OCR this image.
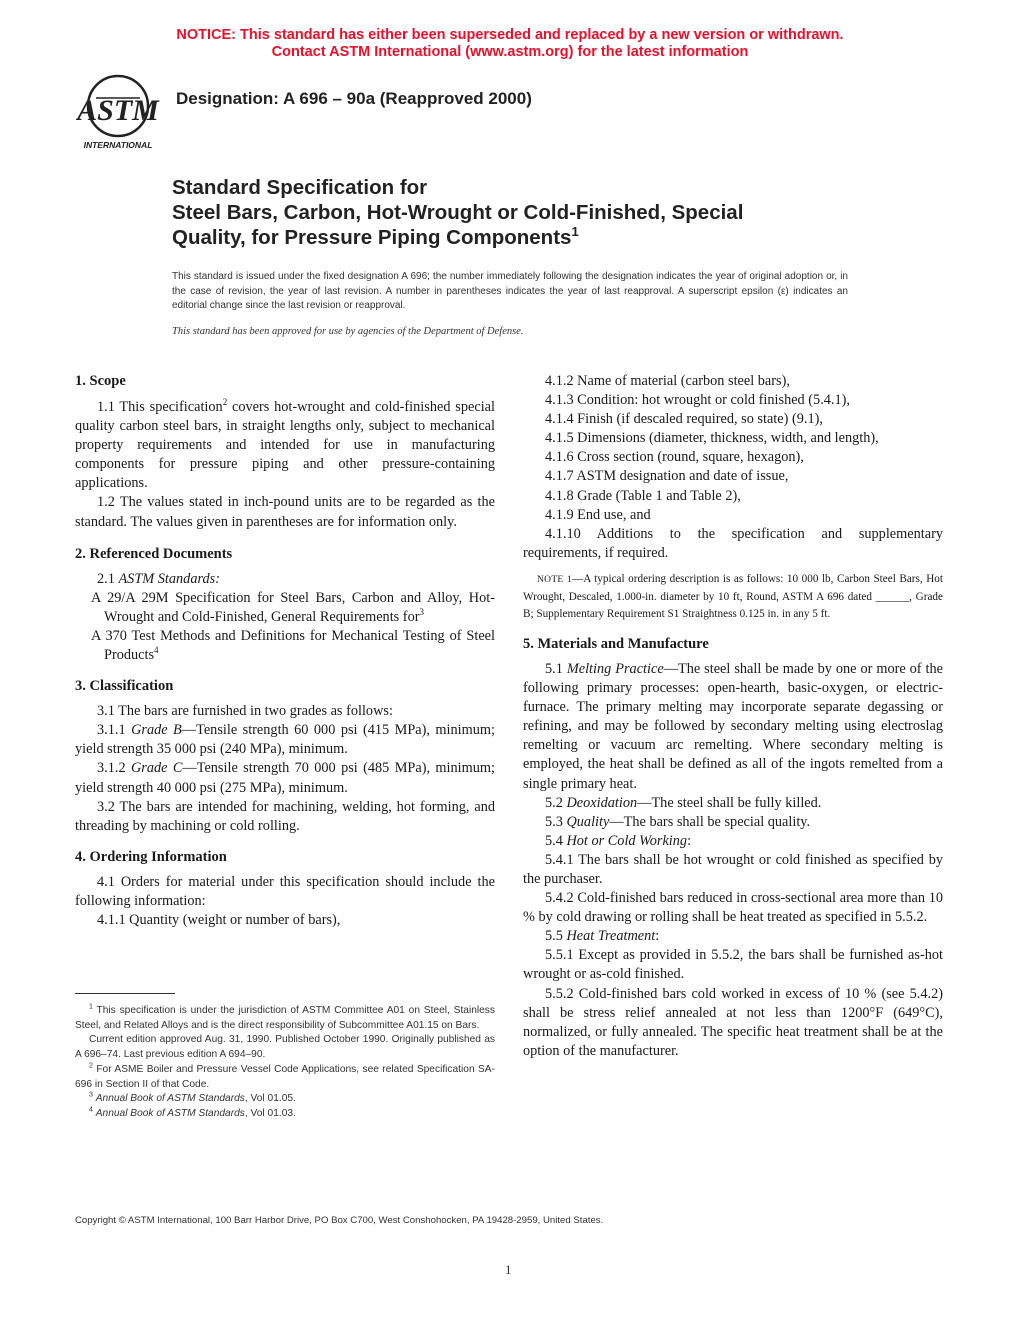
NOTICE: This standard has either been superseded and replaced by a new version or withdrawn.
Contact ASTM International (www.astm.org) for the latest information
ASTM
INTERNATIONAL
Designation: A 696 – 90a (Reapproved 2000)
Standard Specification for
Steel Bars, Carbon, Hot-Wrought or Cold-Finished, Special
Quality, for Pressure Piping Components$^1$
This standard is issued under the fixed designation A 696; the number immediately following the designation indicates the year of original adoption or, in the case of revision, the year of last revision. A number in parentheses indicates the year of last reapproval. A superscript epsilon (ε) indicates an editorial change since the last revision or reapproval.
This standard has been approved for use by agencies of the Department of Defense.
1. Scope

1.1 This specification$^2$ covers hot-wrought and cold-finished special quality carbon steel bars, in straight lengths only, subject to mechanical property requirements and intended for use in manufacturing components for pressure piping and other pressure-containing applications.

1.2 The values stated in inch-pound units are to be regarded as the standard. The values given in parentheses are for information only.

2. Referenced Documents

2.1 ASTM Standards:

A 29/A 29M Specification for Steel Bars, Carbon and Alloy, Hot-Wrought and Cold-Finished, General Requirements for$^3$

A 370 Test Methods and Definitions for Mechanical Testing of Steel Products$^4$

3. Classification

3.1 The bars are furnished in two grades as follows:

3.1.1 Grade B—Tensile strength 60 000 psi (415 MPa), minimum; yield strength 35 000 psi (240 MPa), minimum.

3.1.2 Grade C—Tensile strength 70 000 psi (485 MPa), minimum; yield strength 40 000 psi (275 MPa), minimum.

3.2 The bars are intended for machining, welding, hot forming, and threading by machining or cold rolling.

4. Ordering Information

4.1 Orders for material under this specification should include the following information:

4.1.1 Quantity (weight or number of bars),

4.1.2 Name of material (carbon steel bars),

4.1.3 Condition: hot wrought or cold finished (5.4.1),

4.1.4 Finish (if descaled required, so state) (9.1),

4.1.5 Dimensions (diameter, thickness, width, and length),

4.1.6 Cross section (round, square, hexagon),

4.1.7 ASTM designation and date of issue,

4.1.8 Grade (Table 1 and Table 2),

4.1.9 End use, and

4.1.10 Additions to the specification and supplementary requirements, if required.

NOTE 1—A typical ordering description is as follows: 10 000 lb, Carbon Steel Bars, Hot Wrought, Descaled, 1.000-in. diameter by 10 ft, Round, ASTM A 696 dated ______, Grade B; Supplementary Requirement S1 Straightness 0.125 in. in any 5 ft.

5. Materials and Manufacture

5.1 Melting Practice—The steel shall be made by one or more of the following primary processes: open-hearth, basic-oxygen, or electric-furnace. The primary melting may incorporate separate degassing or refining, and may be followed by secondary melting using electroslag remelting or vacuum arc remelting. Where secondary melting is employed, the heat shall be defined as all of the ingots remelted from a single primary heat.

5.2 Deoxidation—The steel shall be fully killed.

5.3 Quality—The bars shall be special quality.

5.4 Hot or Cold Working:

5.4.1 The bars shall be hot wrought or cold finished as specified by the purchaser.

5.4.2 Cold-finished bars reduced in cross-sectional area more than 10 % by cold drawing or rolling shall be heat treated as specified in 5.5.2.

5.5 Heat Treatment:

5.5.1 Except as provided in 5.5.2, the bars shall be furnished as-hot wrought or as-cold finished.

5.5.2 Cold-finished bars cold worked in excess of 10 % (see 5.4.2) shall be stress relief annealed at not less than 1200°F (649°C), normalized, or fully annealed. The specific heat treatment shall be at the option of the manufacturer.

$^1$ This specification is under the jurisdiction of ASTM Committee A01 on Steel, Stainless Steel, and Related Alloys and is the direct responsibility of Subcommittee A01.15 on Bars.

Current edition approved Aug. 31, 1990. Published October 1990. Originally published as A 696–74. Last previous edition A 694–90.

$^2$ For ASME Boiler and Pressure Vessel Code Applications, see related Specification SA-696 in Section II of that Code.

$^3$ Annual Book of ASTM Standards, Vol 01.05.

$^4$ Annual Book of ASTM Standards, Vol 01.03.

Copyright © ASTM International, 100 Barr Harbor Drive, PO Box C700, West Conshohocken, PA 19428-2959, United States.
1
